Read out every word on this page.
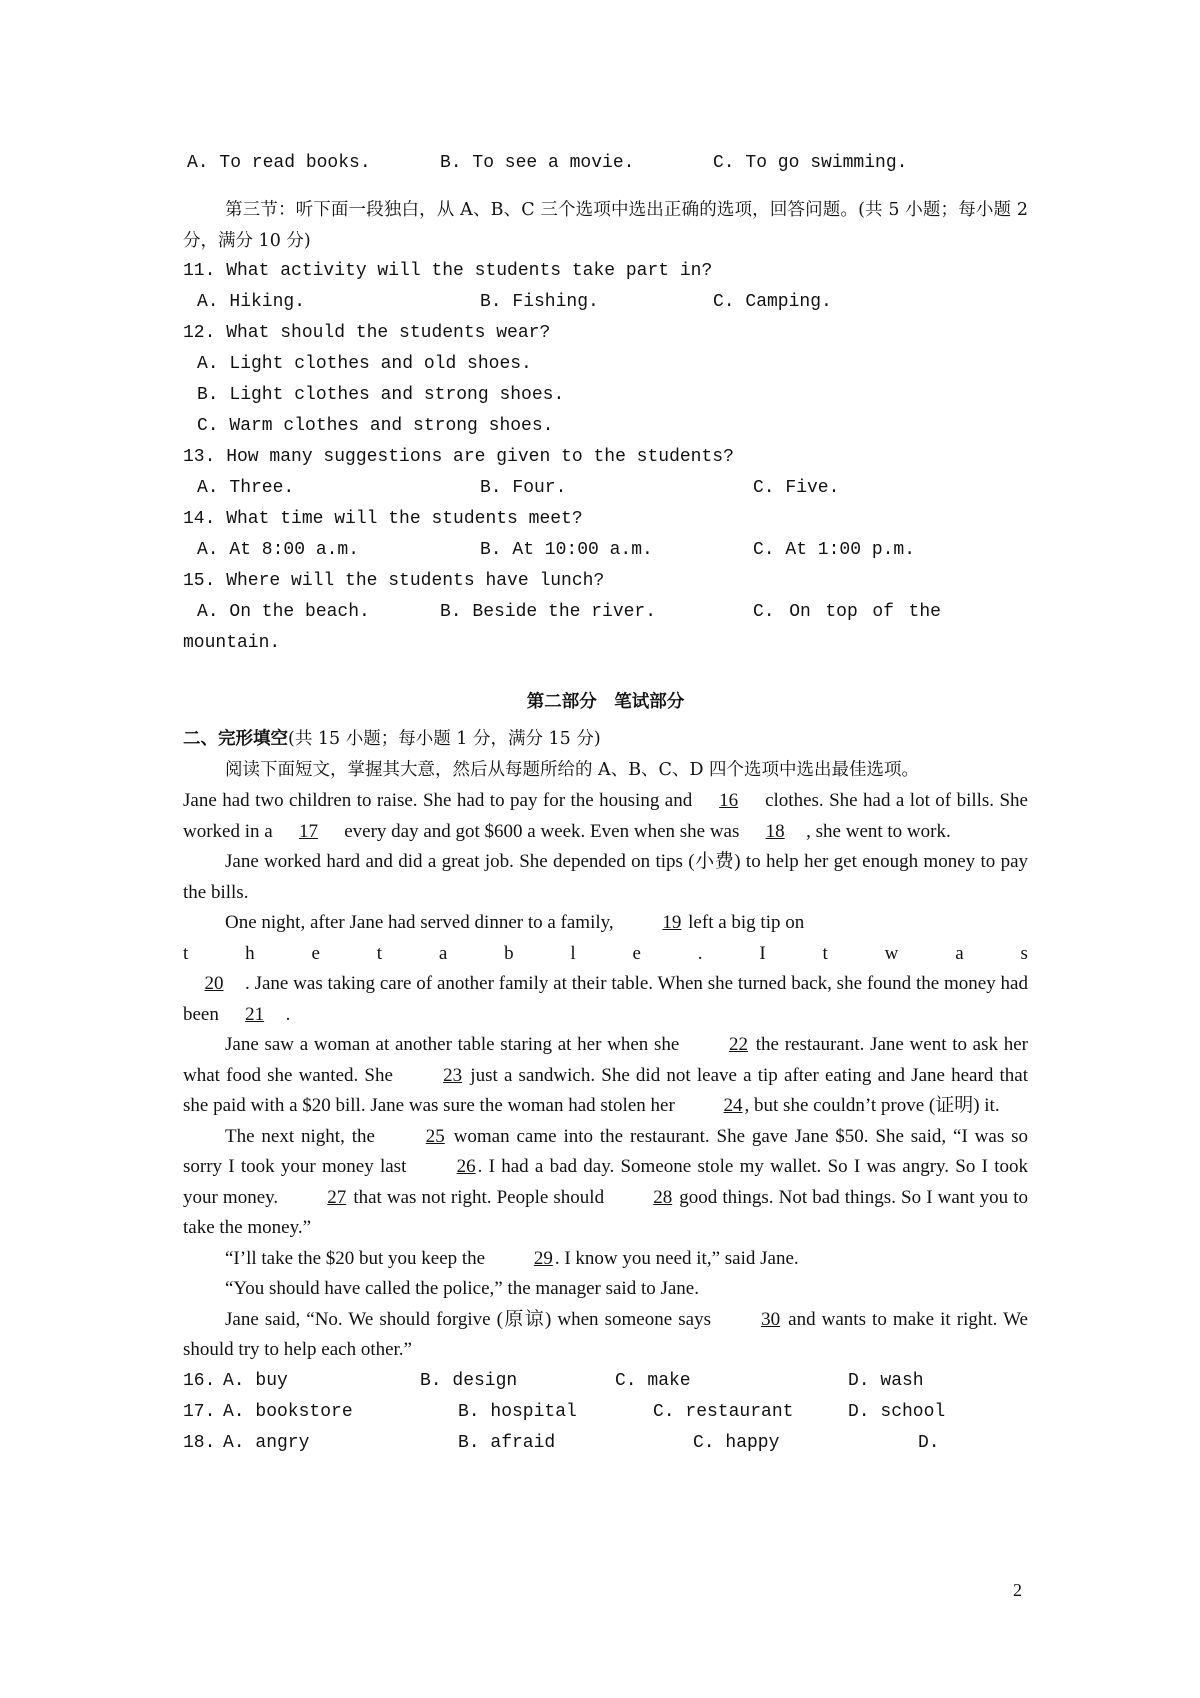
A. To read books.	B. To see a movie.	C. To go swimming.
第三节：听下面一段独白，从 A、B、C 三个选项中选出正确的选项，回答问题。(共 5 小题；每小题 2 分，满分 10 分)
11. What activity will the students take part in?
A. Hiking.	B. Fishing.	C. Camping.
12. What should the students wear?
A. Light clothes and old shoes.
B. Light clothes and strong shoes.
C. Warm clothes and strong shoes.
13. How many suggestions are given to the students?
A. Three.	B. Four.	C. Five.
14. What time will the students meet?
A. At 8:00 a.m.	B. At 10:00 a.m.	C. At 1:00 p.m.
15. Where will the students have lunch?
A. On the beach.	B. Beside the river.	C. On top of the
mountain.
第二部分　笔试部分
二、完形填空(共 15 小题；每小题 1 分，满分 15 分)
阅读下面短文，掌握其大意，然后从每题所给的 A、B、C、D 四个选项中选出最佳选项。
Jane had two children to raise. She had to pay for the housing and 16 clothes. She had a lot of bills. She worked in a 17 every day and got $600 a week. Even when she was 18 , she went to work.
Jane worked hard and did a great job. She depended on tips (小费) to help her get enough money to pay the bills.
One night, after Jane had served dinner to a family, 19 left a big tip on
t	h	e	t	a	b	l	e	.	I	t	w	a	s
20 . Jane was taking care of another family at their table. When she turned back, she found the money had been 21 .
Jane saw a woman at another table staring at her when she 22 the restaurant. Jane went to ask her what food she wanted. She 23 just a sandwich. She did not leave a tip after eating and Jane heard that she paid with a $20 bill. Jane was sure the woman had stolen her 24 , but she couldn’t prove (证明) it.
The next night, the 25 woman came into the restaurant. She gave Jane $50. She said, “I was so sorry I took your money last 26 . I had a bad day. Someone stole my wallet. So I was angry. So I took your money. 27 that was not right. People should 28 good things. Not bad things. So I want you to take the money.”
“I’ll take the $20 but you keep the 29 . I know you need it,” said Jane.
“You should have called the police,” the manager said to Jane.
Jane said, “No. We should forgive (原谅) when someone says 30 and wants to make it right. We should try to help each other.”
16. A. buy	B. design	C. make	D. wash
17. A. bookstore	B. hospital	C. restaurant	D. school
18. A. angry	B. afraid	C. happy	D.
2
